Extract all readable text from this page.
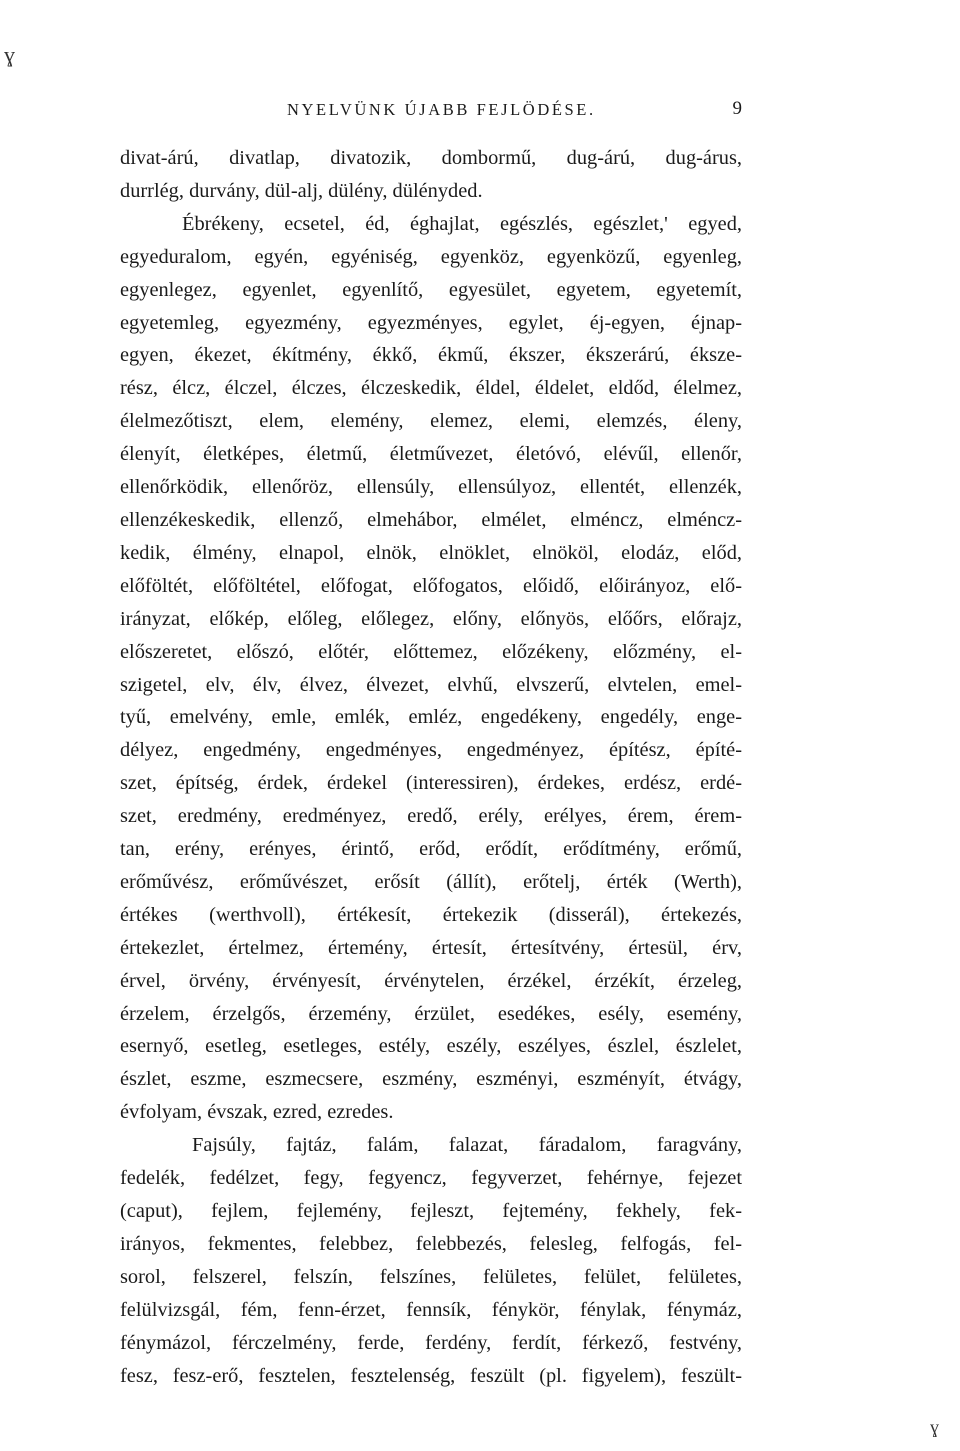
ɣ
NYELVÜNK ÚJABB FEJLÖDÉSE.	9
divat-árú, divatlap, divatozik, dombormű, dug-árú, dug-árus,
durrlég, durvány, dül-alj, dülény, dülényded.
Ébrékeny, ecsetel, éd, éghajlat, egészlés, egészlet,' egyed,
egyeduralom, egyén, egyéniség, egyenköz, egyenközű, egyenleg,
egyenlegez, egyenlet, egyenlítő, egyesület, egyetem, egyetemít,
egyetemleg, egyezmény, egyezményes, egylet, éj-egyen, éjnap-
egyen, ékezet, ékítmény, ékkő, ékmű, ékszer, ékszerárú, éksze-
rész, élcz, élczel, élczes, élczeskedik, éldel, éldelet, eldőd, élelmez,
élelmezőtiszt, elem, elemény, elemez, elemi, elemzés, éleny,
élenyít, életképes, életmű, életművezet, életóvó, elévűl, ellenőr,
ellenőrködik, ellenőröz, ellensúly, ellensúlyoz, ellentét, ellenzék,
ellenzékeskedik, ellenző, elmehábor, elmélet, elméncz, elméncz-
kedik, élmény, elnapol, elnök, elnöklet, elnököl, elodáz, előd,
előföltét, előföltétel, előfogat, előfogatos, előidő, előirányoz, elő-
irányzat, előkép, előleg, előlegez, előny, előnyös, előőrs, előrajz,
előszeretet, előszó, előtér, előttemez, előzékeny, előzmény, el-
szigetel, elv, élv, élvez, élvezet, elvhű, elvszerű, elvtelen, emel-
tyű, emelvény, emle, emlék, emléz, engedékeny, engedély, enge-
délyez, engedmény, engedményes, engedményez, építész, építé-
szet, építség, érdek, érdekel (interessiren), érdekes, erdész, erdé-
szet, eredmény, eredményez, eredő, erély, erélyes, érem, érem-
tan, erény, erényes, érintő, erőd, erődít, erődítmény, erőmű,
erőművész, erőművészet, erősít (állít), erőtelj, érték (Werth),
értékes (werthvoll), értékesít, értekezik (disserál), értekezés,
értekezlet, értelmez, értemény, értesít, értesítvény, értesül, érv,
érvel, örvény, érvényesít, érvénytelen, érzékel, érzékít, érzeleg,
érzelem, érzelgős, érzemény, érzület, esedékes, esély, esemény,
esernyő, esetleg, esetleges, estély, eszély, eszélyes, észlel, észlelet,
észlet, eszme, eszmecsere, eszmény, eszményi, eszményít, étvágy,
évfolyam, évszak, ezred, ezredes.
Fajsúly, fajtáz, falám, falazat, fáradalom, faragvány,
fedelék, fedélzet, fegy, fegyencz, fegyverzet, fehérnye, fejezet
(caput), fejlem, fejlemény, fejleszt, fejtemény, fekhely, fek-
irányos, fekmentes, felebbez, felebbezés, felesleg, felfogás, fel-
sorol, felszerel, felszín, felszínes, felületes, felület, felületes,
felülvizsgál, fém, fenn-érzet, fennsík, fénykör, fénylak, fénymáz,
fénymázol, férczelmény, ferde, ferdény, ferdít, férkező, festvény,
fesz, fesz-erő, fesztelen, fesztelenség, feszült (pl. figyelem), feszült-
ɣ
